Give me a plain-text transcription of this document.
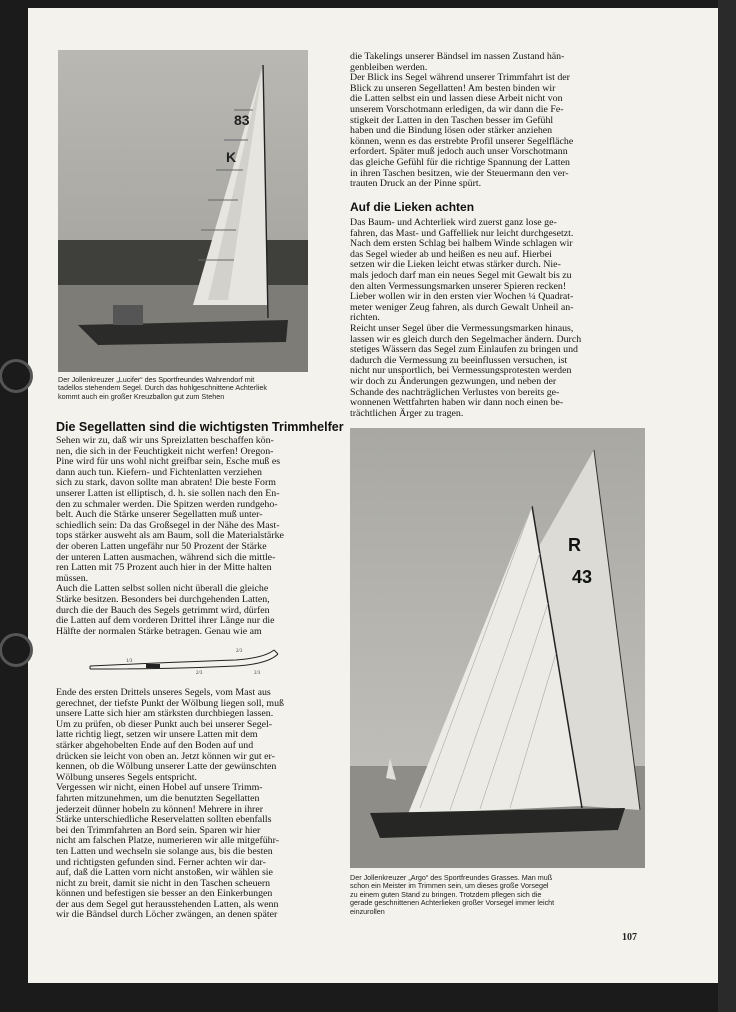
83
K

Der Jollenkreuzer „Lucifer“ des Sportfreundes Wahrendorf mit

tadellos stehendem Segel. Durch das hohlgeschnittene Achterliek

kommt auch ein großer Kreuzballon gut zum Stehen

Die Segellatten sind die wichtigsten Trimmhelfer

Sehen wir zu, daß wir uns Spreizlatten beschaffen kön-

nen, die sich in der Feuchtigkeit nicht werfen! Oregon-

Pine wird für uns wohl nicht greifbar sein, Esche muß es

dann auch tun. Kiefern- und Fichtenlatten verziehen

sich zu stark, davon sollte man abraten! Die beste Form

unserer Latten ist elliptisch, d. h. sie sollen nach den En-

den zu schmaler werden. Die Spitzen werden rundgeho-

belt. Auch die Stärke unserer Segellatten muß unter-

schiedlich sein: Da das Großsegel in der Nähe des Mast-

tops stärker ausweht als am Baum, soll die Materialstärke

der oberen Latten ungefähr nur 50 Prozent der Stärke

der unteren Latten ausmachen, während sich die mittle-

ren Latten mit 75 Prozent auch hier in der Mitte halten

müssen.

Auch die Latten selbst sollen nicht überall die gleiche

Stärke besitzen. Besonders bei durchgehenden Latten,

durch die der Bauch des Segels getrimmt wird, dürfen

die Latten auf dem vorderen Drittel ihrer Länge nur die

Hälfte der normalen Stärke betragen. Genau wie am

1/3
2/3
2/3
2/3

Ende des ersten Drittels unseres Segels, vom Mast aus

gerechnet, der tiefste Punkt der Wölbung liegen soll, muß

unsere Latte sich hier am stärksten durchbiegen lassen.

Um zu prüfen, ob dieser Punkt auch bei unserer Segel-

latte richtig liegt, setzen wir unsere Latten mit dem

stärker abgehobelten Ende auf den Boden auf und

drücken sie leicht von oben an. Jetzt können wir gut er-

kennen, ob die Wölbung unserer Latte der gewünschten

Wölbung unseres Segels entspricht.

Vergessen wir nicht, einen Hobel auf unsere Trimm-

fahrten mitzunehmen, um die benutzten Segellatten

jederzeit dünner hobeln zu können! Mehrere in ihrer

Stärke unterschiedliche Reservelatten sollten ebenfalls

bei den Trimmfahrten an Bord sein. Sparen wir hier

nicht am falschen Platze, numerieren wir alle mitgeführ-

ten Latten und wechseln sie solange aus, bis die besten

und richtigsten gefunden sind. Ferner achten wir dar-

auf, daß die Latten vorn nicht anstoßen, wir wählen sie

nicht zu breit, damit sie nicht in den Taschen scheuern

können und befestigen sie besser an den Einkerbungen

der aus dem Segel gut herausstehenden Latten, als wenn

wir die Bändsel durch Löcher zwängen, an denen später

die Takelings unserer Bändsel im nassen Zustand hän-

genbleiben werden.

Der Blick ins Segel während unserer Trimmfahrt ist der

Blick zu unseren Segellatten! Am besten binden wir

die Latten selbst ein und lassen diese Arbeit nicht von

unserem Vorschotmann erledigen, da wir dann die Fe-

stigkeit der Latten in den Taschen besser im Gefühl

haben und die Bindung lösen oder stärker anziehen

können, wenn es das erstrebte Profil unserer Segelfläche

erfordert. Später muß jedoch auch unser Vorschotmann

das gleiche Gefühl für die richtige Spannung der Latten

in ihren Taschen besitzen, wie der Steuermann den ver-

trauten Druck an der Pinne spürt.

Auf die Lieken achten

Das Baum- und Achterliek wird zuerst ganz lose ge-

fahren, das Mast- und Gaffelliek nur leicht durchgesetzt.

Nach dem ersten Schlag bei halbem Winde schlagen wir

das Segel wieder ab und heißen es neu auf. Hierbei

setzen wir die Lieken leicht etwas stärker durch. Nie-

mals jedoch darf man ein neues Segel mit Gewalt bis zu

den alten Vermessungsmarken unserer Spieren recken!

Lieber wollen wir in den ersten vier Wochen ¼ Quadrat-

meter weniger Zeug fahren, als durch Gewalt Unheil an-

richten.

Reicht unser Segel über die Vermessungsmarken hinaus,

lassen wir es gleich durch den Segelmacher ändern. Durch

stetiges Wässern das Segel zum Einlaufen zu bringen und

dadurch die Vermessung zu beeinflussen versuchen, ist

nicht nur unsportlich, bei Vermessungsprotesten werden

wir doch zu Änderungen gezwungen, und neben der

Schande des nachträglichen Verlustes von bereits ge-

wonnenen Wettfahrten haben wir dann noch einen be-

trächtlichen Ärger zu tragen.

R
43

Der Jollenkreuzer „Argo“ des Sportfreundes Grasses. Man muß

schon ein Meister im Trimmen sein, um dieses große Vorsegel

zu einem guten Stand zu bringen. Trotzdem pflegen sich die

gerade geschnittenen Achterlieken großer Vorsegel immer leicht

einzurollen

107
